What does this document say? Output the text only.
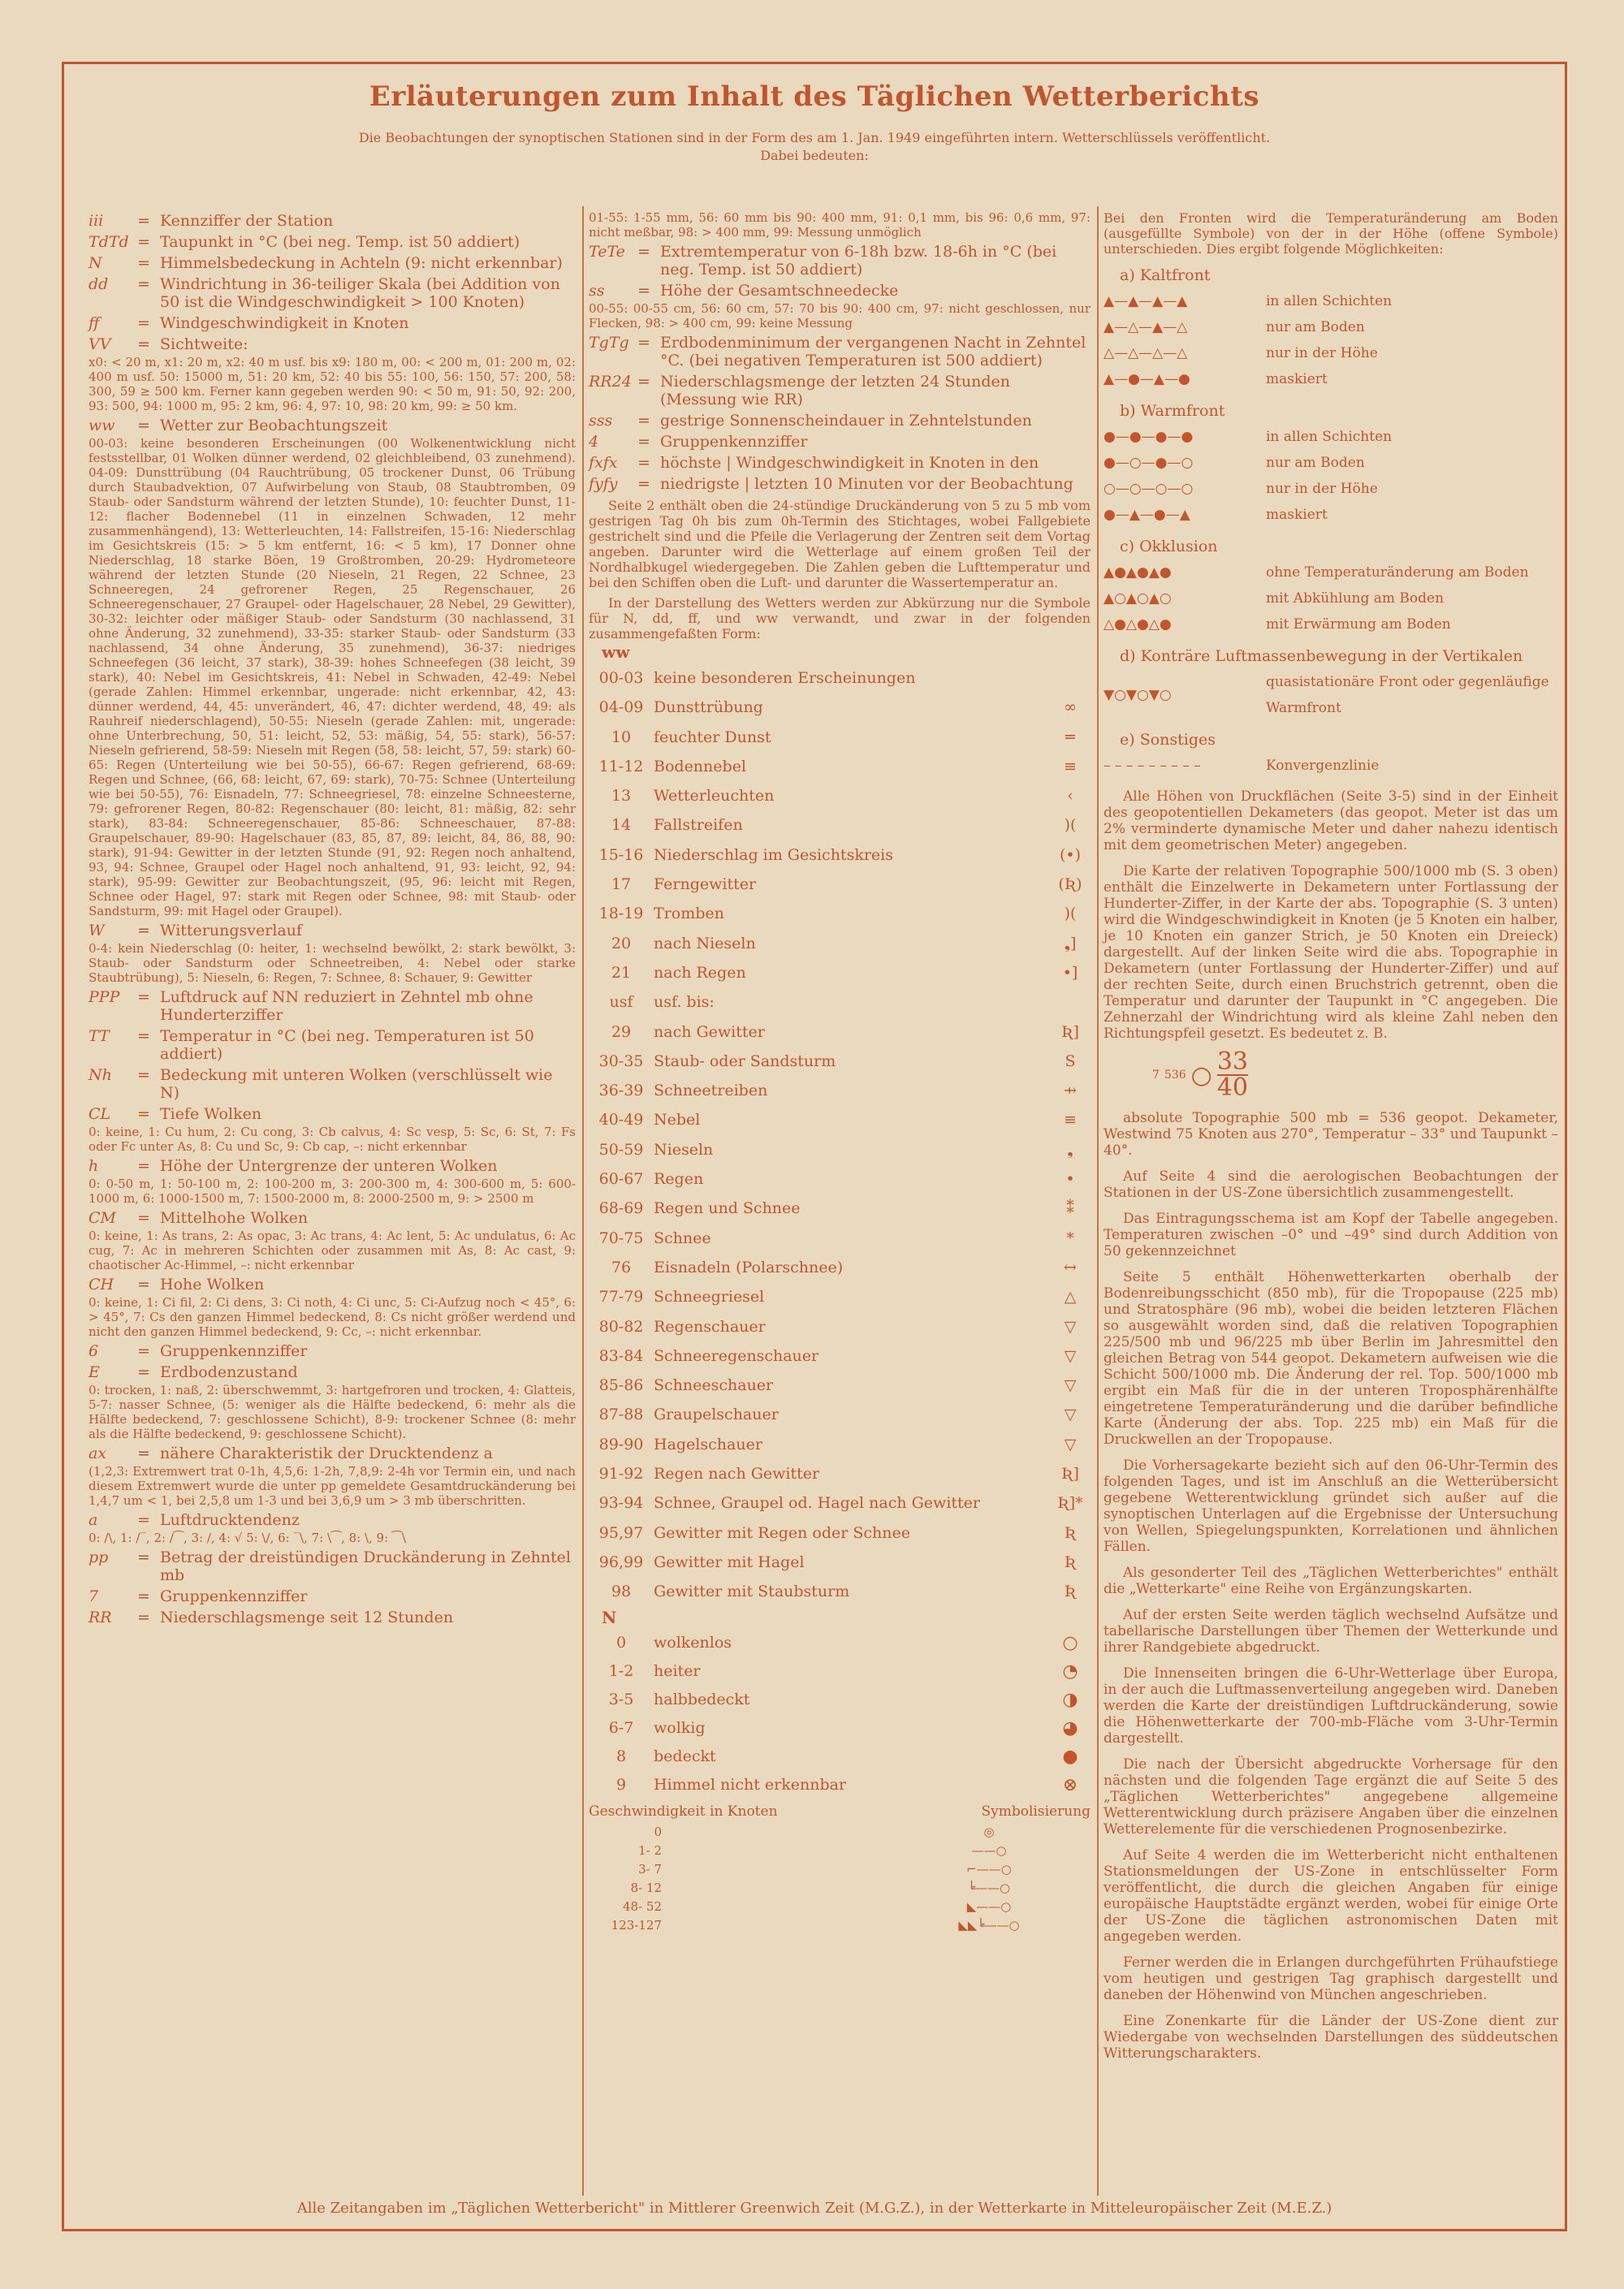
Erläuterungen zum Inhalt des Täglichen Wetterberichts
Die Beobachtungen der synoptischen Stationen sind in der Form des am 1. Jan. 1949 eingeführten intern. Wetterschlüssels veröffentlicht.
Dabei bedeuten:
iii	= Kennziffer der Station
TdTd = Taupunkt in °C (bei neg. Temp. ist 50 addiert)
N	= Himmelsbedeckung in Achteln (9: nicht erkennbar)
dd	= Windrichtung in 36-teiliger Skala (bei Addition von 50 ist die Windgeschwindigkeit > 100 Knoten)
ff	= Windgeschwindigkeit in Knoten
VV	= Sichtweite:
x0: < 20 m, x1: 20 m, x2: 40 m usf. bis x9: 180 m, 00: < 200 m, 01: 200 m, 02: 400 m usf. 50: 15000 m, 51: 20 km, 52: 40 bis 55: 100, 56: 150, 57: 200, 58: 300, 59 ≥ 500 km. Ferner kann gegeben werden 90: < 50 m, 91: 50, 92: 200, 93: 500, 94: 1000 m, 95: 2 km, 96: 4, 97: 10, 98: 20 km, 99: ≥ 50 km.
ww	= Wetter zur Beobachtungszeit
00-03: keine besonderen Erscheinungen (00 Wolkenentwicklung nicht festsstellbar, 01 Wolken dünner werdend, 02 gleichbleibend, 03 zunehmend). 04-09: Dunsttrübung (04 Rauchtrübung, 05 trockener Dunst, 06 Trübung durch Staubadvektion, 07 Aufwirbelung von Staub, 08 Staubtromben, 09 Staub- oder Sandsturm während der letzten Stunde), 10: feuchter Dunst, 11-12: flacher Bodennebel (11 in einzelnen Schwaden, 12 mehr zusammenhängend), 13: Wetterleuchten, 14: Fallstreifen, 15-16: Niederschlag im Gesichtskreis (15: > 5 km entfernt, 16: < 5 km), 17 Donner ohne Niederschlag, 18 starke Böen, 19 Großtromben, 20-29: Hydrometeore während der letzten Stunde (20 Nieseln, 21 Regen, 22 Schnee, 23 Schneeregen, 24 gefrorener Regen, 25 Regenschauer, 26 Schneeregenschauer, 27 Graupel- oder Hagelschauer, 28 Nebel, 29 Gewitter), 30-32: leichter oder mäßiger Staub- oder Sandsturm (30 nachlassend, 31 ohne Änderung, 32 zunehmend), 33-35: starker Staub- oder Sandsturm (33 nachlassend, 34 ohne Änderung, 35 zunehmend), 36-37: niedriges Schneefegen (36 leicht, 37 stark), 38-39: hohes Schneefegen (38 leicht, 39 stark), 40: Nebel im Gesichtskreis, 41: Nebel in Schwaden, 42-49: Nebel (gerade Zahlen: Himmel erkennbar, ungerade: nicht erkennbar, 42, 43: dünner werdend, 44, 45: unverändert, 46, 47: dichter werdend, 48, 49: als Rauhreif niederschlagend), 50-55: Nieseln (gerade Zahlen: mit, ungerade: ohne Unterbrechung, 50, 51: leicht, 52, 53: mäßig, 54, 55: stark), 56-57: Nieseln gefrierend, 58-59: Nieseln mit Regen (58, 58: leicht, 57, 59: stark) 60-65: Regen (Unterteilung wie bei 50-55), 66-67: Regen gefrierend, 68-69: Regen und Schnee, (66, 68: leicht, 67, 69: stark), 70-75: Schnee (Unterteilung wie bei 50-55), 76: Eisnadeln, 77: Schneegriesel, 78: einzelne Schneesterne, 79: gefrorener Regen, 80-82: Regenschauer (80: leicht, 81: mäßig, 82: sehr stark), 83-84: Schneeregenschauer, 85-86: Schneeschauer, 87-88: Graupelschauer, 89-90: Hagelschauer (83, 85, 87, 89: leicht, 84, 86, 88, 90: stark), 91-94: Gewitter in der letzten Stunde (91, 92: Regen noch anhaltend, 93, 94: Schnee, Graupel oder Hagel noch anhaltend, 91, 93: leicht, 92, 94: stark), 95-99: Gewitter zur Beobachtungszeit, (95, 96: leicht mit Regen, Schnee oder Hagel, 97: stark mit Regen oder Schnee, 98: mit Staub- oder Sandsturm, 99: mit Hagel oder Graupel).
W	= Witterungsverlauf
0-4: kein Niederschlag (0: heiter, 1: wechselnd bewölkt, 2: stark bewölkt, 3: Staub- oder Sandsturm oder Schneetreiben, 4: Nebel oder starke Staubtrübung), 5: Nieseln, 6: Regen, 7: Schnee, 8: Schauer, 9: Gewitter
PPP	= Luftdruck auf NN reduziert in Zehntel mb ohne Hunderterziffer
TT	= Temperatur in °C (bei neg. Temperaturen ist 50 addiert)
Nh	= Bedeckung mit unteren Wolken (verschlüsselt wie N)
CL	= Tiefe Wolken
0: keine, 1: Cu hum, 2: Cu cong, 3: Cb calvus, 4: Sc vesp, 5: Sc, 6: St, 7: Fs oder Fc unter As, 8: Cu und Sc, 9: Cb cap, –: nicht erkennbar
h	= Höhe der Untergrenze der unteren Wolken
0: 0-50 m, 1: 50-100 m, 2: 100-200 m, 3: 200-300 m, 4: 300-600 m, 5: 600-1000 m, 6: 1000-1500 m, 7: 1500-2000 m, 8: 2000-2500 m, 9: > 2500 m
CM	= Mittelhohe Wolken
0: keine, 1: As trans, 2: As opac, 3: Ac trans, 4: Ac lent, 5: Ac undulatus, 6: Ac cug, 7: Ac in mehreren Schichten oder zusammen mit As, 8: Ac cast, 9: chaotischer Ac-Himmel, –: nicht erkennbar
CH	= Hohe Wolken
0: keine, 1: Ci fil, 2: Ci dens, 3: Ci noth, 4: Ci unc, 5: Ci-Aufzug noch < 45°, 6: > 45°, 7: Cs den ganzen Himmel bedeckend, 8: Cs nicht größer werdend und nicht den ganzen Himmel bedeckend, 9: Cc, –: nicht erkennbar.
6	= Gruppenkennziffer
E	= Erdbodenzustand
0: trocken, 1: naß, 2: überschwemmt, 3: hartgefroren und trocken, 4: Glatteis, 5-7: nasser Schnee, (5: weniger als die Hälfte bedeckend, 6: mehr als die Hälfte bedeckend, 7: geschlossene Schicht), 8-9: trockener Schnee (8: mehr als die Hälfte bedeckend, 9: geschlossene Schicht).
ax	= nähere Charakteristik der Drucktendenz a
(1,2,3: Extremwert trat 0-1h, 4,5,6: 1-2h, 7,8,9: 2-4h vor Termin ein, und nach diesem Extremwert wurde die unter pp gemeldete Gesamtdruckänderung bei 1,4,7 um < 1, bei 2,5,8 um 1-3 und bei 3,6,9 um > 3 mb überschritten.
a	= Luftdrucktendenz
0: /\, 1: /‾, 2: /⁀, 3: /, 4: √ 5: \/, 6: ‾\, 7: \⁀, 8: \, 9: ⁀\
pp	= Betrag der dreistündigen Druckänderung in Zehntel mb
7	= Gruppenkennziffer
RR	= Niederschlagsmenge seit 12 Stunden
01-55: 1-55 mm, 56: 60 mm bis 90: 400 mm, 91: 0,1 mm, bis 96: 0,6 mm, 97: nicht meßbar, 98: > 400 mm, 99: Messung unmöglich
TeTe = Extremtemperatur von 6-18h bzw. 18-6h in °C (bei neg. Temp. ist 50 addiert)
ss	= Höhe der Gesamtschneedecke
00-55: 00-55 cm, 56: 60 cm, 57: 70 bis 90: 400 cm, 97: nicht geschlossen, nur Flecken, 98: > 400 cm, 99: keine Messung
TgTg = Erdbodenminimum der vergangenen Nacht in Zehntel °C. (bei negativen Temperaturen ist 500 addiert)
RR24 = Niederschlagsmenge der letzten 24 Stunden (Messung wie RR)
sss	= gestrige Sonnenscheindauer in Zehntelstunden
4	= Gruppenkennziffer
fxfx	= höchste | Windgeschwindigkeit in Knoten in den
fyfy	= niedrigste | letzten 10 Minuten vor der Beobachtung
Seite 2 enthält oben die 24-stündige Druckänderung von 5 zu 5 mb vom gestrigen Tag 0h bis zum 0h-Termin des Stichtages, wobei Fallgebiete gestrichelt sind und die Pfeile die Verlagerung der Zentren seit dem Vortag angeben. Darunter wird die Wetterlage auf einem großen Teil der Nordhalbkugel wiedergegeben. Die Zahlen geben die Lufttemperatur und bei den Schiffen oben die Luft- und darunter die Wassertemperatur an.
In der Darstellung des Wetters werden zur Abkürzung nur die Symbole für N, dd, ff, und ww verwandt, und zwar in der folgenden zusammengefaßten Form:
ww
00-03 keine besonderen Erscheinungen
04-09 Dunsttrübung	∞
10	feuchter Dunst	═
11-12 Bodennebel	≡
13	Wetterleuchten	‹
14	Fallstreifen	)(
15-16 Niederschlag im Gesichtskreis	(•)
17	Ferngewitter	(Ʀ)
18-19 Tromben	)(
20	nach Nieseln	❟]
21	nach Regen	•]
usf	usf. bis:
29	nach Gewitter	Ʀ]
30-35 Staub- oder Sandsturm	S
36-39 Schneetreiben	⇸
40-49 Nebel	≡
50-59 Nieseln	❟
60-67 Regen	•
68-69 Regen und Schnee	⁑
70-75 Schnee	*
76	Eisnadeln (Polarschnee)	↔
77-79 Schneegriesel	△
80-82 Regenschauer	▽
83-84 Schneeregenschauer	▽
85-86 Schneeschauer	▽
87-88 Graupelschauer	▽
89-90 Hagelschauer	▽
91-92 Regen nach Gewitter	Ʀ]
93-94 Schnee, Graupel od. Hagel nach Gewitter	Ʀ]*
95,97 Gewitter mit Regen oder Schnee	Ʀ
96,99 Gewitter mit Hagel	Ʀ
98	Gewitter mit Staubsturm	Ʀ
N
0	wolkenlos	○
1-2	heiter	◔
3-5	halbbedeckt	◑
6-7	wolkig	◕
8	bedeckt	●
9	Himmel nicht erkennbar	⊗
Geschwindigkeit in Knoten	Symbolisierung
0	◎
1- 2	——○
3- 7	⌐——○
8- 12	╘——○
48- 52	◣——○
123-127	◣◣╘——○
Bei den Fronten wird die Temperaturänderung am Boden (ausgefüllte Symbole) von der in der Höhe (offene Symbole) unterschieden. Dies ergibt folgende Möglichkeiten:
a) Kaltfront
▲—▲—▲—▲	in allen Schichten
▲—△—▲—△	nur am Boden
△—△—△—△	nur in der Höhe
▲—●—▲—●	maskiert
b) Warmfront
●—●—●—●	in allen Schichten
●—○—●—○	nur am Boden
○—○—○—○	nur in der Höhe
●—▲—●—▲	maskiert
c) Okklusion
▲●▲●▲●	ohne Temperaturänderung am Boden
▲○▲○▲○	mit Abkühlung am Boden
△●△●△●	mit Erwärmung am Boden
d) Konträre Luftmassenbewegung in der Vertikalen
▼○▼○▼○
quasistationäre Front oder gegenläufige Warmfront
e) Sonstiges
– – – – – – – – –	Konvergenzlinie
Alle Höhen von Druckflächen (Seite 3-5) sind in der Einheit des geopotentiellen Dekameters (das geopot. Meter ist das um 2% verminderte dynamische Meter und daher nahezu identisch mit dem geometrischen Meter) angegeben.
Die Karte der relativen Topographie 500/1000 mb (S. 3 oben) enthält die Einzelwerte in Dekametern unter Fortlassung der Hunderter-Ziffer, in der Karte der abs. Topographie (S. 3 unten) wird die Windgeschwindigkeit in Knoten (je 5 Knoten ein halber, je 10 Knoten ein ganzer Strich, je 50 Knoten ein Dreieck) dargestellt. Auf der linken Seite wird die abs. Topographie in Dekametern (unter Fortlassung der Hunderter-Ziffer) und auf der rechten Seite, durch einen Bruchstrich getrennt, oben die Temperatur und darunter der Taupunkt in °C angegeben. Die Zehnerzahl der Windrichtung wird als kleine Zahl neben den Richtungspfeil gesetzt. Es bedeutet z. B.
7 536 ○ 33
40
absolute Topographie 500 mb = 536 geopot. Dekameter, Westwind 75 Knoten aus 270°, Temperatur – 33° und Taupunkt – 40°.
Auf Seite 4 sind die aerologischen Beobachtungen der Stationen in der US-Zone übersichtlich zusammengestellt.
Das Eintragungsschema ist am Kopf der Tabelle angegeben. Temperaturen zwischen –0° und –49° sind durch Addition von 50 gekennzeichnet
Seite 5 enthält Höhenwetterkarten oberhalb der Bodenreibungsschicht (850 mb), für die Tropopause (225 mb) und Stratosphäre (96 mb), wobei die beiden letzteren Flächen so ausgewählt worden sind, daß die relativen Topographien 225/500 mb und 96/225 mb über Berlin im Jahresmittel den gleichen Betrag von 544 geopot. Dekametern aufweisen wie die Schicht 500/1000 mb. Die Änderung der rel. Top. 500/1000 mb ergibt ein Maß für die in der unteren Troposphärenhälfte eingetretene Temperaturänderung und die darüber befindliche Karte (Änderung der abs. Top. 225 mb) ein Maß für die Druckwellen an der Tropopause.
Die Vorhersagekarte bezieht sich auf den 06-Uhr-Termin des folgenden Tages, und ist im Anschluß an die Wetterübersicht gegebene Wetterentwicklung gründet sich außer auf die synoptischen Unterlagen auf die Ergebnisse der Untersuchung von Wellen, Spiegelungspunkten, Korrelationen und ähnlichen Fällen.
Als gesonderter Teil des „Täglichen Wetterberichtes" enthält die „Wetterkarte" eine Reihe von Ergänzungskarten.
Auf der ersten Seite werden täglich wechselnd Aufsätze und tabellarische Darstellungen über Themen der Wetterkunde und ihrer Randgebiete abgedruckt.
Die Innenseiten bringen die 6-Uhr-Wetterlage über Europa, in der auch die Luftmassenverteilung angegeben wird. Daneben werden die Karte der dreistündigen Luftdruckänderung, sowie die Höhenwetterkarte der 700-mb-Fläche vom 3-Uhr-Termin dargestellt.
Die nach der Übersicht abgedruckte Vorhersage für den nächsten und die folgenden Tage ergänzt die auf Seite 5 des „Täglichen Wetterberichtes" angegebene allgemeine Wetterentwicklung durch präzisere Angaben über die einzelnen Wetterelemente für die verschiedenen Prognosenbezirke.
Auf Seite 4 werden die im Wetterbericht nicht enthaltenen Stationsmeldungen der US-Zone in entschlüsselter Form veröffentlicht, die durch die gleichen Angaben für einige europäische Hauptstädte ergänzt werden, wobei für einige Orte der US-Zone die täglichen astronomischen Daten mit angegeben werden.
Ferner werden die in Erlangen durchgeführten Frühaufstiege vom heutigen und gestrigen Tag graphisch dargestellt und daneben der Höhenwind von München angeschrieben.
Eine Zonenkarte für die Länder der US-Zone dient zur Wiedergabe von wechselnden Darstellungen des süddeutschen Witterungscharakters.
Alle Zeitangaben im „Täglichen Wetterbericht" in Mittlerer Greenwich Zeit (M.G.Z.), in der Wetterkarte in Mitteleuropäischer Zeit (M.E.Z.)
